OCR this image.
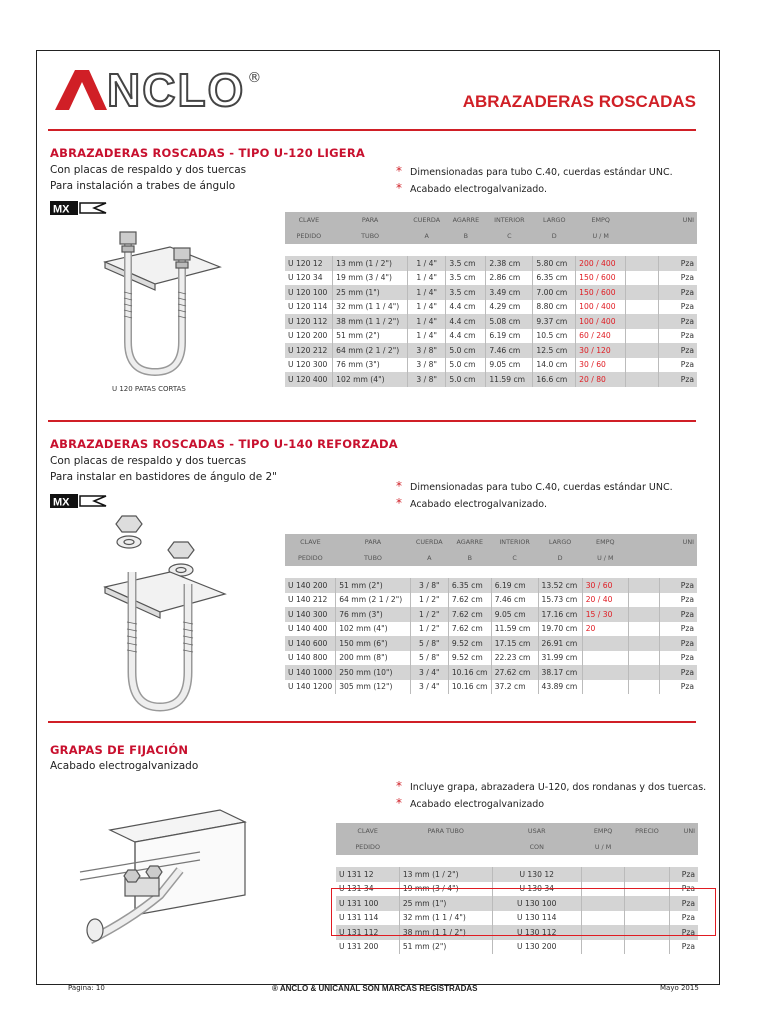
NCLO ®
ABRAZADERAS ROSCADAS
ABRAZADERAS ROSCADAS - TIPO U-120 LIGERA
Con placas de respaldo y dos tuercas
Para instalación a trabes de ángulo
MX
* Dimensionadas para tubo C.40, cuerdas estándar UNC.
* Acabado electrogalvanizado.
U 120 PATAS CORTAS
CLAVE	PARA	CUERDA	AGARRE	INTERIOR	LARGO	EMPQ		UNI
PEDIDO	TUBO	A	B	C	D	U / M		

U 120 12	13 mm (1 / 2")	1 / 4"	3.5 cm	2.38 cm	5.80 cm	200 / 400		Pza
U 120 34	19 mm (3 / 4")	1 / 4"	3.5 cm	2.86 cm	6.35 cm	150 / 600		Pza
U 120 100	25 mm (1")	1 / 4"	3.5 cm	3.49 cm	7.00 cm	150 / 600		Pza
U 120 114	32 mm (1 1 / 4")	1 / 4"	4.4 cm	4.29 cm	8.80 cm	100 / 400		Pza
U 120 112	38 mm (1 1 / 2")	1 / 4"	4.4 cm	5.08 cm	9.37 cm	100 / 400		Pza
U 120 200	51 mm (2")	1 / 4"	4.4 cm	6.19 cm	10.5 cm	60 / 240		Pza
U 120 212	64 mm (2 1 / 2")	3 / 8"	5.0 cm	7.46 cm	12.5 cm	30 / 120		Pza
U 120 300	76 mm (3")	3 / 8"	5.0 cm	9.05 cm	14.0 cm	30 / 60		Pza
U 120 400	102 mm (4")	3 / 8"	5.0 cm	11.59 cm	16.6 cm	20 / 80		Pza
ABRAZADERAS ROSCADAS - TIPO U-140 REFORZADA
Con placas de respaldo y dos tuercas
Para instalar en bastidores de ángulo de 2"
MX
* Dimensionadas para tubo C.40, cuerdas estándar UNC.
* Acabado electrogalvanizado.
CLAVE	PARA	CUERDA	AGARRE	INTERIOR	LARGO	EMPQ		UNI
PEDIDO	TUBO	A	B	C	D	U / M		

U 140 200	51 mm (2")	3 / 8"	6.35 cm	6.19 cm	13.52 cm	30 / 60		Pza
U 140 212	64 mm (2 1 / 2")	1 / 2"	7.62 cm	7.46 cm	15.73 cm	20 / 40		Pza
U 140 300	76 mm (3")	1 / 2"	7.62 cm	9.05 cm	17.16 cm	15 / 30		Pza
U 140 400	102 mm (4")	1 / 2"	7.62 cm	11.59 cm	19.70 cm	20		Pza
U 140 600	150 mm (6")	5 / 8"	9.52 cm	17.15 cm	26.91 cm			Pza
U 140 800	200 mm (8")	5 / 8"	9.52 cm	22.23 cm	31.99 cm			Pza
U 140 1000	250 mm (10")	3 / 4"	10.16 cm	27.62 cm	38.17 cm			Pza
U 140 1200	305 mm (12")	3 / 4"	10.16 cm	37.2 cm	43.89 cm			Pza
GRAPAS DE FIJACIÓN
Acabado electrogalvanizado
* Incluye grapa, abrazadera U-120, dos rondanas y dos tuercas.
* Acabado electrogalvanizado
CLAVE	PARA TUBO	USAR	EMPQ	PRECIO	UNI
PEDIDO		CON	U / M		

U 131 12	13 mm (1 / 2")	U 130 12			Pza
U 131 34	19 mm (3 / 4")	U 130 34			Pza
U 131 100	25 mm (1")	U 130 100			Pza
U 131 114	32 mm (1 1 / 4")	U 130 114			Pza
U 131 112	38 mm (1 1 / 2")	U 130 112			Pza
U 131 200	51 mm (2")	U 130 200			Pza
Página: 10	® ANCLO & UNICANAL SON MARCAS REGISTRADAS	Mayo 2015
